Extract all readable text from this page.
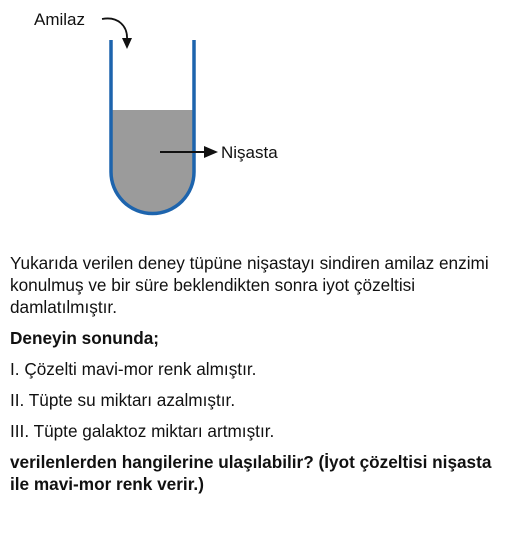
Amilaz
Nişasta

Yukarıda verilen deney tüpüne nişastayı sindiren amilaz enzimi konulmuş ve bir süre beklendikten sonra iyot çözeltisi damlatılmıştır.

Deneyin sonunda;

I. Çözelti mavi-mor renk almıştır.

II. Tüpte su miktarı azalmıştır.

III. Tüpte galaktoz miktarı artmıştır.

verilenlerden hangilerine ulaşılabilir? (İyot çözeltisi nişasta ile mavi-mor renk verir.)
